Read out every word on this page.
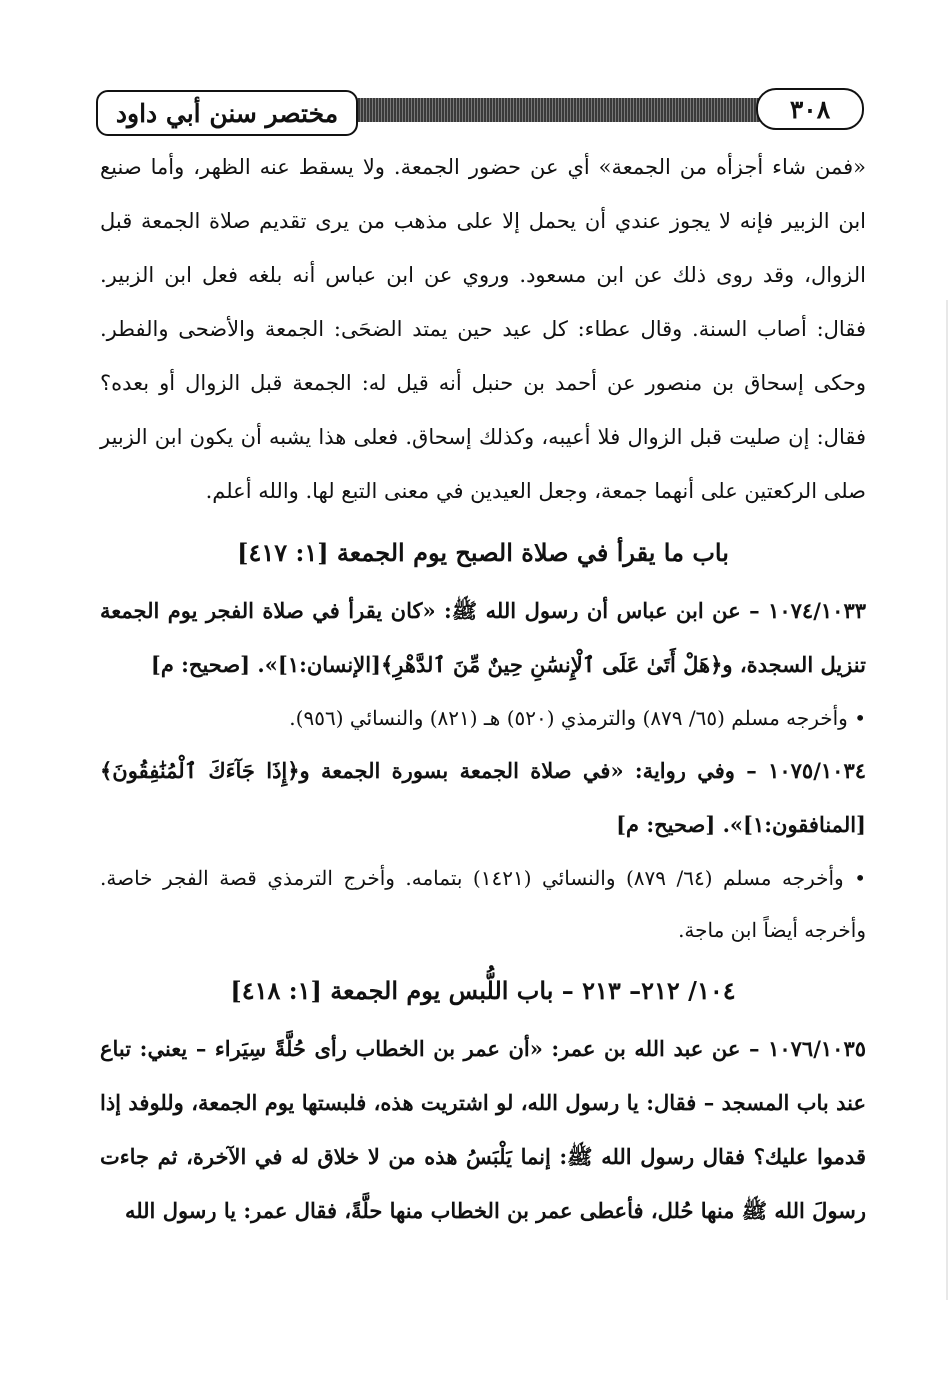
مختصر سنن أبي داود	٣٠٨

«فمن شاء أجزأه من الجمعة» أي عن حضور الجمعة. ولا يسقط عنه الظهر، وأما صنيع ابن الزبير فإنه لا يجوز عندي أن يحمل إلا على مذهب من يرى تقديم صلاة الجمعة قبل الزوال، وقد روى ذلك عن ابن مسعود. وروي عن ابن عباس أنه بلغه فعل ابن الزبير. فقال: أصاب السنة. وقال عطاء: كل عيد حين يمتد الضحَى: الجمعة والأضحى والفطر. وحكى إسحاق بن منصور عن أحمد بن حنبل أنه قيل له: الجمعة قبل الزوال أو بعده؟ فقال: إن صليت قبل الزوال فلا أعيبه، وكذلك إسحاق. فعلى هذا يشبه أن يكون ابن الزبير صلى الركعتين على أنهما جمعة، وجعل العيدين في معنى التبع لها. والله أعلم.

باب ما يقرأ في صلاة الصبح يوم الجمعة [١: ٤١٧]

١٠٧٤/١٠٣٣ – عن ابن عباس أن رسول الله ﷺ: «كان يقرأ في صلاة الفجر يوم الجمعة تنزيل السجدة، و﴿هَلْ أَتَىٰ عَلَى ٱلْإِنسَٰنِ حِينٌ مِّنَ ٱلدَّهْرِ﴾[الإنسان:١]». [صحيح: م]

• وأخرجه مسلم (٦٥/ ٨٧٩) والترمذي (٥٢٠) هـ (٨٢١) والنسائي (٩٥٦).

١٠٧٥/١٠٣٤ – وفي رواية: «في صلاة الجمعة بسورة الجمعة و﴿إِذَا جَآءَكَ ٱلْمُنَٰفِقُونَ﴾[المنافقون:١]». [صحيح: م]

• وأخرجه مسلم (٦٤/ ٨٧٩) والنسائي (١٤٢١) بتمامه. وأخرج الترمذي قصة الفجر خاصة. وأخرجه أيضاً ابن ماجة.

١٠٤/ ٢١٢– ٢١٣ – باب اللُّبس يوم الجمعة [١: ٤١٨]

١٠٧٦/١٠٣٥ – عن عبد الله بن عمر: «أن عمر بن الخطاب رأى حُلَّةً سِيَراء – يعني: تباع عند باب المسجد – فقال: يا رسول الله، لو اشتريت هذه، فلبستها يوم الجمعة، وللوفد إذا قدموا عليك؟ فقال رسول الله ﷺ: إنما يَلْبَسُ هذه من لا خلاق له في الآخرة، ثم جاءت رسولَ الله ﷺ منها حُلل، فأعطى عمر بن الخطاب منها حلَّةً، فقال عمر: يا رسول الله
